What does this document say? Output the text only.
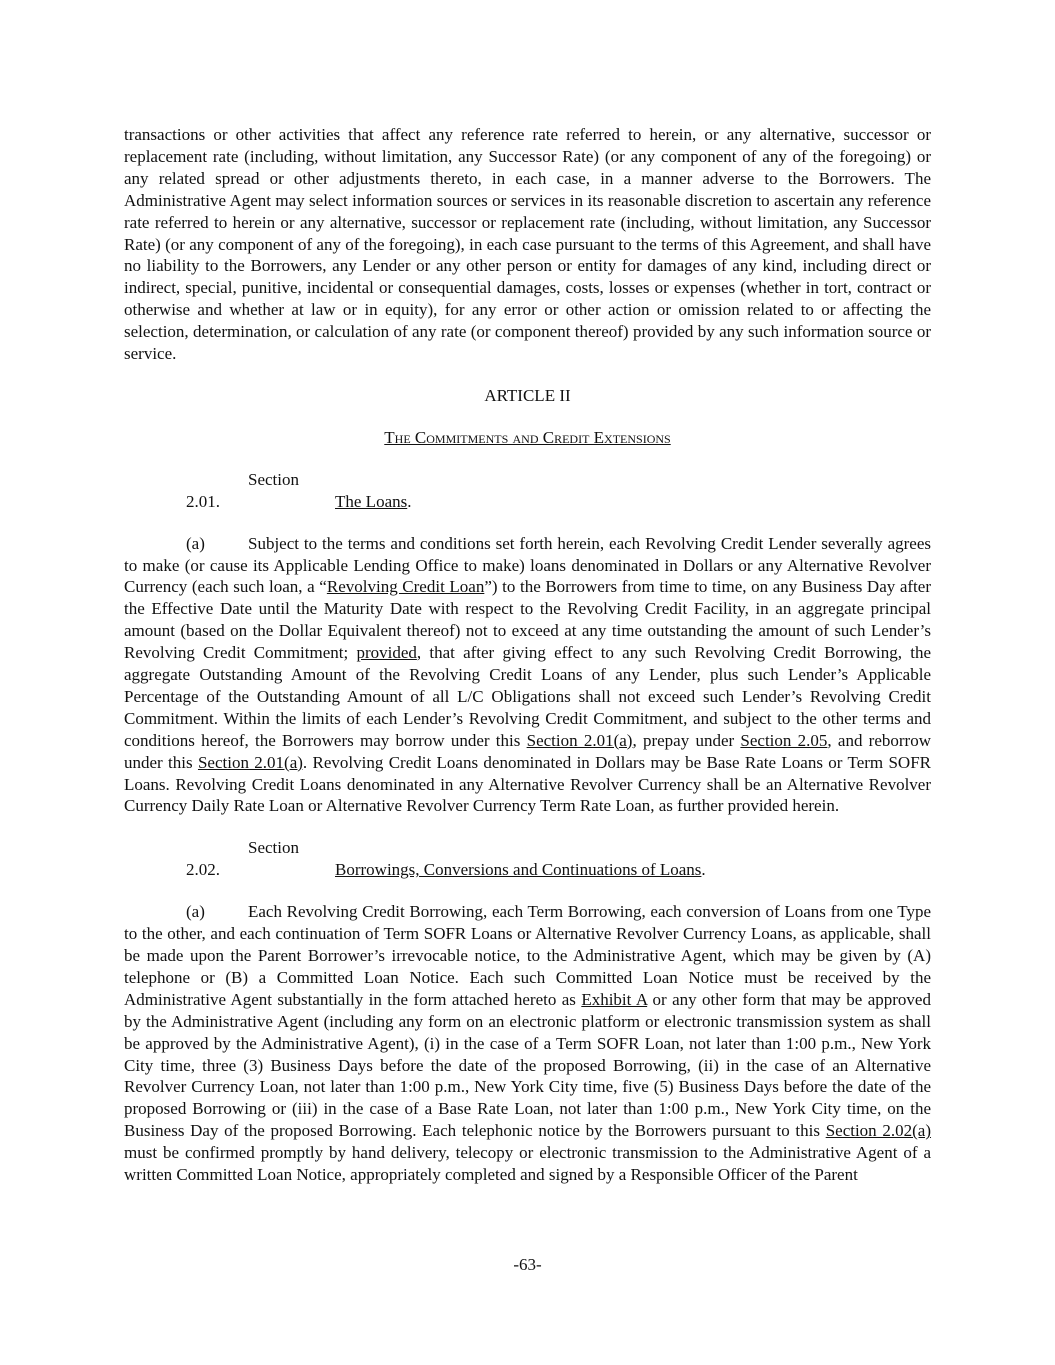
transactions or other activities that affect any reference rate referred to herein, or any alternative, successor or replacement rate (including, without limitation, any Successor Rate) (or any component of any of the foregoing) or any related spread or other adjustments thereto, in each case, in a manner adverse to the Borrowers. The Administrative Agent may select information sources or services in its reasonable discretion to ascertain any reference rate referred to herein or any alternative, successor or replacement rate (including, without limitation, any Successor Rate) (or any component of any of the foregoing), in each case pursuant to the terms of this Agreement, and shall have no liability to the Borrowers, any Lender or any other person or entity for damages of any kind, including direct or indirect, special, punitive, incidental or consequential damages, costs, losses or expenses (whether in tort, contract or otherwise and whether at law or in equity), for any error or other action or omission related to or affecting the selection, determination, or calculation of any rate (or component thereof) provided by any such information source or service.

ARTICLE II

The Commitments and Credit Extensions

Section 2.01.	The Loans.

(a)	Subject to the terms and conditions set forth herein, each Revolving Credit Lender severally agrees to make (or cause its Applicable Lending Office to make) loans denominated in Dollars or any Alternative Revolver Currency (each such loan, a “Revolving Credit Loan”) to the Borrowers from time to time, on any Business Day after the Effective Date until the Maturity Date with respect to the Revolving Credit Facility, in an aggregate principal amount (based on the Dollar Equivalent thereof) not to exceed at any time outstanding the amount of such Lender’s Revolving Credit Commitment; provided, that after giving effect to any such Revolving Credit Borrowing, the aggregate Outstanding Amount of the Revolving Credit Loans of any Lender, plus such Lender’s Applicable Percentage of the Outstanding Amount of all L/C Obligations shall not exceed such Lender’s Revolving Credit Commitment. Within the limits of each Lender’s Revolving Credit Commitment, and subject to the other terms and conditions hereof, the Borrowers may borrow under this Section 2.01(a), prepay under Section 2.05, and reborrow under this Section 2.01(a). Revolving Credit Loans denominated in Dollars may be Base Rate Loans or Term SOFR Loans. Revolving Credit Loans denominated in any Alternative Revolver Currency shall be an Alternative Revolver Currency Daily Rate Loan or Alternative Revolver Currency Term Rate Loan, as further provided herein.

Section 2.02.	Borrowings, Conversions and Continuations of Loans.

(a)	Each Revolving Credit Borrowing, each Term Borrowing, each conversion of Loans from one Type to the other, and each continuation of Term SOFR Loans or Alternative Revolver Currency Loans, as applicable, shall be made upon the Parent Borrower’s irrevocable notice, to the Administrative Agent, which may be given by (A) telephone or (B) a Committed Loan Notice. Each such Committed Loan Notice must be received by the Administrative Agent substantially in the form attached hereto as Exhibit A or any other form that may be approved by the Administrative Agent (including any form on an electronic platform or electronic transmission system as shall be approved by the Administrative Agent), (i) in the case of a Term SOFR Loan, not later than 1:00 p.m., New York City time, three (3) Business Days before the date of the proposed Borrowing, (ii) in the case of an Alternative Revolver Currency Loan, not later than 1:00 p.m., New York City time, five (5) Business Days before the date of the proposed Borrowing or (iii) in the case of a Base Rate Loan, not later than 1:00 p.m., New York City time, on the Business Day of the proposed Borrowing. Each telephonic notice by the Borrowers pursuant to this Section 2.02(a) must be confirmed promptly by hand delivery, telecopy or electronic transmission to the Administrative Agent of a written Committed Loan Notice, appropriately completed and signed by a Responsible Officer of the Parent

-63-
